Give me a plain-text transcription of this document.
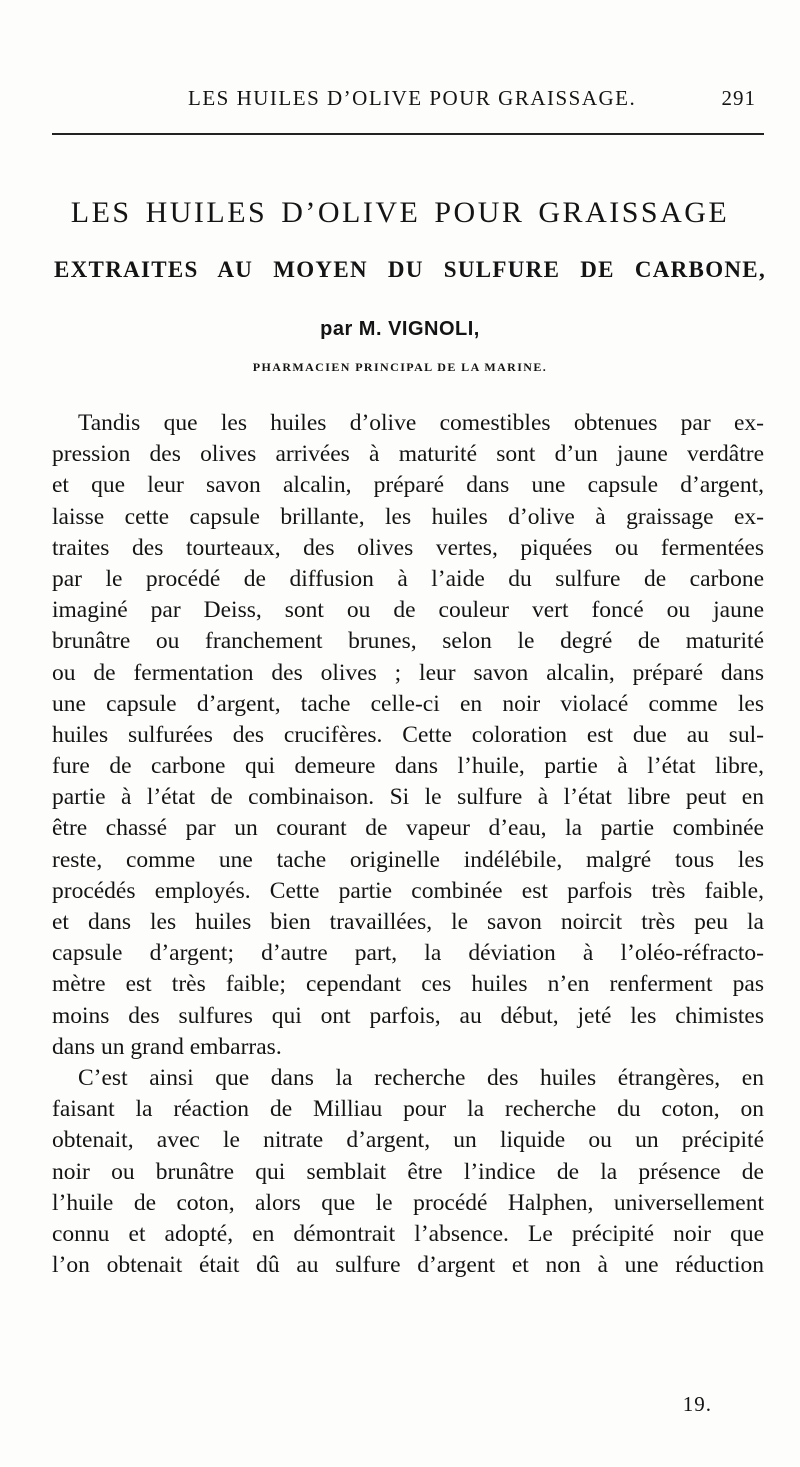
LES HUILES D’OLIVE POUR GRAISSAGE.	291
LES HUILES D’OLIVE POUR GRAISSAGE
EXTRAITES AU MOYEN DU SULFURE DE CARBONE,
par M. VIGNOLI,
PHARMACIEN PRINCIPAL DE LA MARINE.
Tandis que les huiles d’olive comestibles obtenues par ex-
pression des olives arrivées à maturité sont d’un jaune verdâtre
et que leur savon alcalin, préparé dans une capsule d’argent,
laisse cette capsule brillante, les huiles d’olive à graissage ex-
traites des tourteaux, des olives vertes, piquées ou fermentées
par le procédé de diffusion à l’aide du sulfure de carbone
imaginé par Deiss, sont ou de couleur vert foncé ou jaune
brunâtre ou franchement brunes, selon le degré de maturité
ou de fermentation des olives ; leur savon alcalin, préparé dans
une capsule d’argent, tache celle-ci en noir violacé comme les
huiles sulfurées des crucifères. Cette coloration est due au sul-
fure de carbone qui demeure dans l’huile, partie à l’état libre,
partie à l’état de combinaison. Si le sulfure à l’état libre peut en
être chassé par un courant de vapeur d’eau, la partie combinée
reste, comme une tache originelle indélébile, malgré tous les
procédés employés. Cette partie combinée est parfois très faible,
et dans les huiles bien travaillées, le savon noircit très peu la
capsule d’argent; d’autre part, la déviation à l’oléo-réfracto-
mètre est très faible; cependant ces huiles n’en renferment pas
moins des sulfures qui ont parfois, au début, jeté les chimistes
dans un grand embarras.
C’est ainsi que dans la recherche des huiles étrangères, en
faisant la réaction de Milliau pour la recherche du coton, on
obtenait, avec le nitrate d’argent, un liquide ou un précipité
noir ou brunâtre qui semblait être l’indice de la présence de
l’huile de coton, alors que le procédé Halphen, universellement
connu et adopté, en démontrait l’absence. Le précipité noir que
l’on obtenait était dû au sulfure d’argent et non à une réduction
19.
